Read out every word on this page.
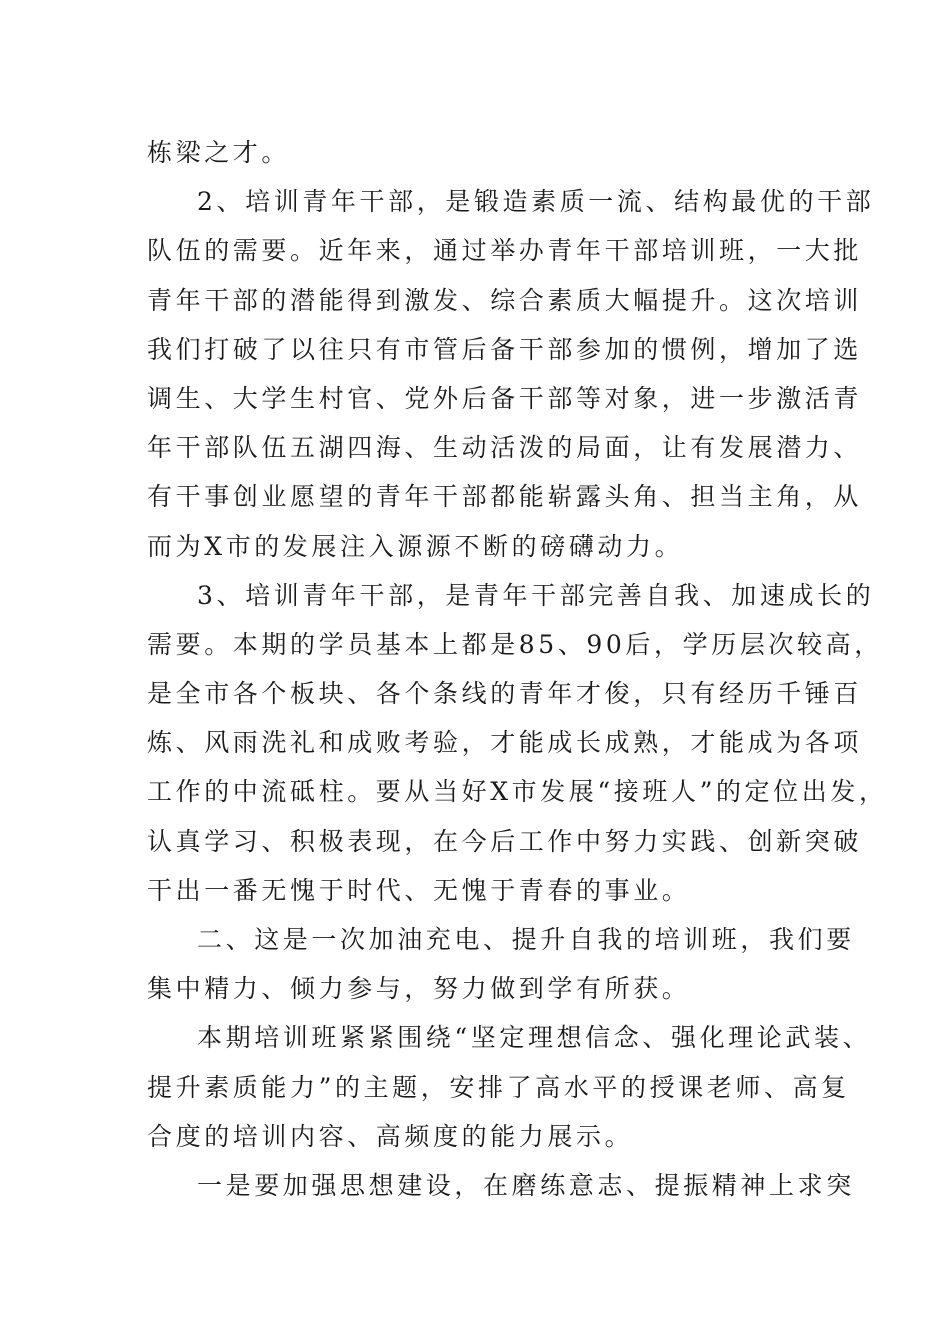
栋梁之才。
2、培训青年干部，是锻造素质一流、结构最优的干部
队伍的需要。近年来，通过举办青年干部培训班，一大批
青年干部的潜能得到激发、综合素质大幅提升。这次培训
我们打破了以往只有市管后备干部参加的惯例，增加了选
调生、大学生村官、党外后备干部等对象，进一步激活青
年干部队伍五湖四海、生动活泼的局面，让有发展潜力、
有干事创业愿望的青年干部都能崭露头角、担当主角，从
而为X市的发展注入源源不断的磅礴动力。
3、培训青年干部，是青年干部完善自我、加速成长的
需要。本期的学员基本上都是85、90后，学历层次较高，
是全市各个板块、各个条线的青年才俊，只有经历千锤百
炼、风雨洗礼和成败考验，才能成长成熟，才能成为各项
工作的中流砥柱。要从当好X市发展“接班人”的定位出发，
认真学习、积极表现，在今后工作中努力实践、创新突破
干出一番无愧于时代、无愧于青春的事业。
二、这是一次加油充电、提升自我的培训班，我们要
集中精力、倾力参与，努力做到学有所获。
本期培训班紧紧围绕“坚定理想信念、强化理论武装、
提升素质能力”的主题，安排了高水平的授课老师、高复
合度的培训内容、高频度的能力展示。
一是要加强思想建设，在磨练意志、提振精神上求突
